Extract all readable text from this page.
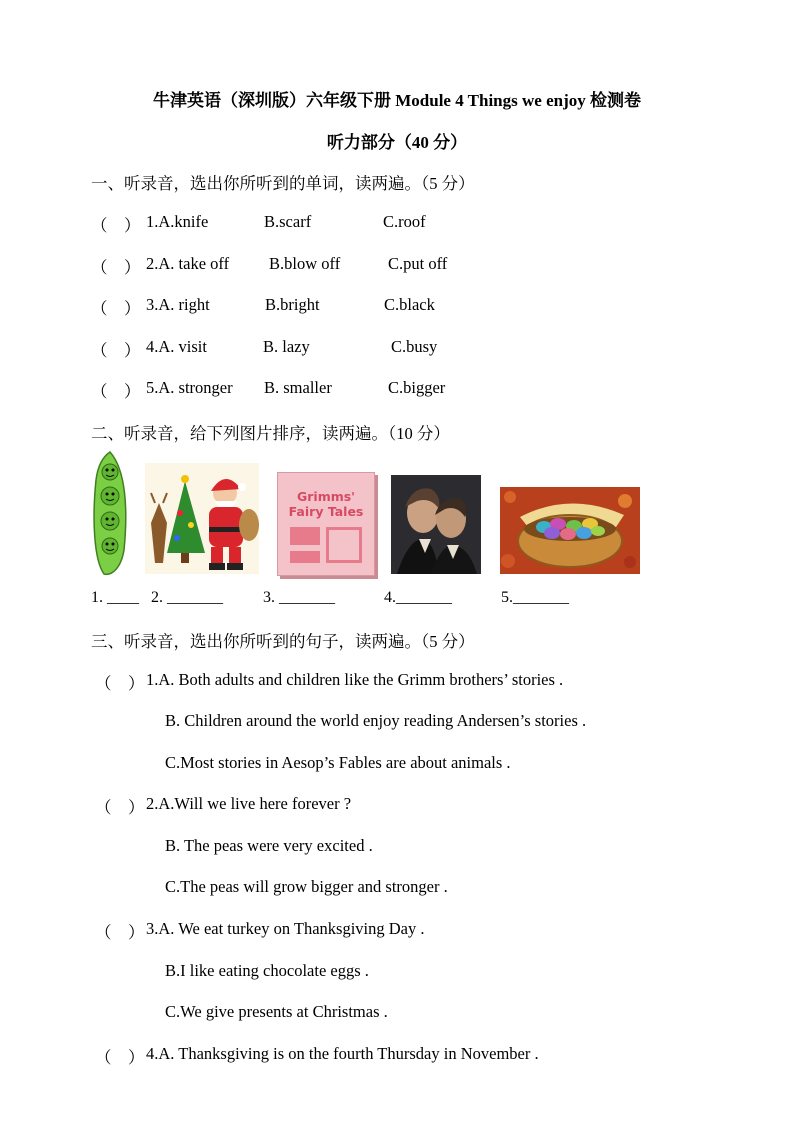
牛津英语（深圳版）六年级下册 Module 4 Things we enjoy 检测卷
听力部分（40 分）
一、听录音，选出你所听到的单词，读两遍。（5 分）
（　） 1.A.knife	B.scarf	C.roof
（　） 2.A. take off B.blow off	C.put off
（　） 3.A. right	B.bright	C.black
（　） 4.A. visit	B. lazy	C.busy
（　） 5.A. stronger B. smaller	C.bigger
二、听录音，给下列图片排序，读两遍。（10 分）
Grimms'
Fairy Tales
1. ____ 2. _______	3. _______	4._______	5._______
三、听录音，选出你所听到的句子，读两遍。（5 分）
（　） 1.A. Both adults and children like the Grimm brothers’ stories .
B. Children around the world enjoy reading Andersen’s stories .
C.Most stories in Aesop’s Fables are about animals .
（　） 2.A.Will we live here forever ?
B. The peas were very excited .
C.The peas will grow bigger and stronger .
（　） 3.A. We eat turkey on Thanksgiving Day .
B.I like eating chocolate eggs .
C.We give presents at Christmas .
（　） 4.A. Thanksgiving is on the fourth Thursday in November .
